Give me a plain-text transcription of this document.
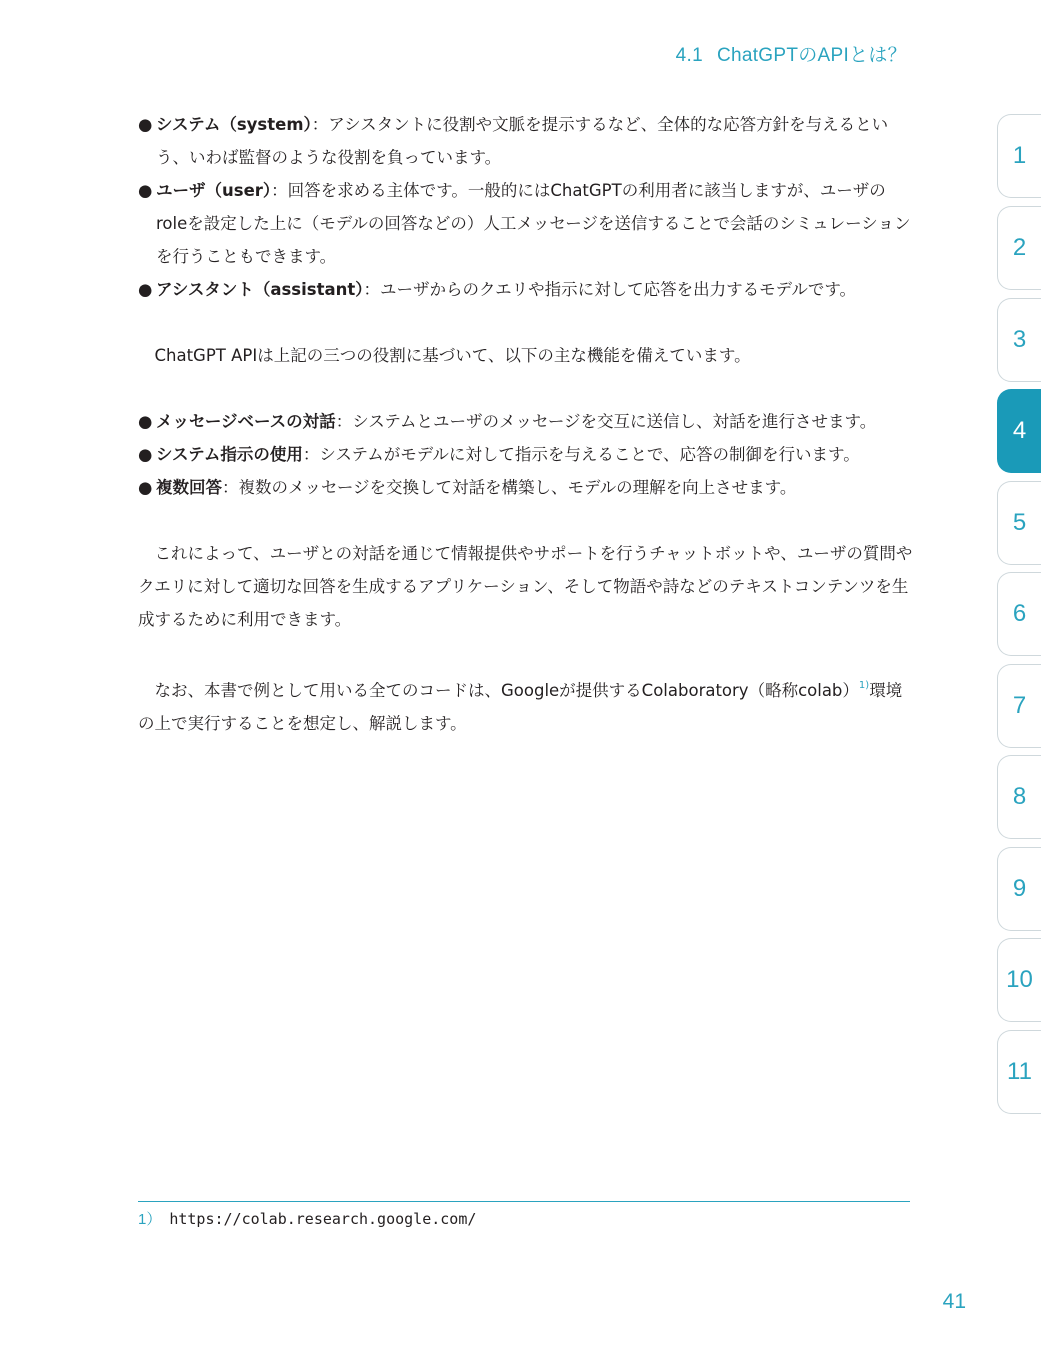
4.1 ChatGPTのAPIとは？
● システム（system）：アシスタントに役割や文脈を提示するなど、全体的な応答方針を与えるという、いわば監督のような役割を負っています。
● ユーザ（user）：回答を求める主体です。一般的にはChatGPTの利用者に該当しますが、ユーザのroleを設定した上に（モデルの回答などの）人工メッセージを送信することで会話のシミュレーションを行うこともできます。
● アシスタント（assistant）：ユーザからのクエリや指示に対して応答を出力するモデルです。

ChatGPT APIは上記の三つの役割に基づいて、以下の主な機能を備えています。

● メッセージベースの対話：システムとユーザのメッセージを交互に送信し、対話を進行させます。
● システム指示の使用：システムがモデルに対して指示を与えることで、応答の制御を行います。
● 複数回答：複数のメッセージを交換して対話を構築し、モデルの理解を向上させます。

これによって、ユーザとの対話を通じて情報提供やサポートを行うチャットボットや、ユーザの質問やクエリに対して適切な回答を生成するアプリケーション、そして物語や詩などのテキストコンテンツを生成するために利用できます。

なお、本書で例として用いる全てのコードは、Googleが提供するColaboratory（略称colab）$^{1)}$環境の上で実行することを想定し、解説します。

1
2
3
4
5
6
7
8
9
10
11
1） https://colab.research.google.com/
41
